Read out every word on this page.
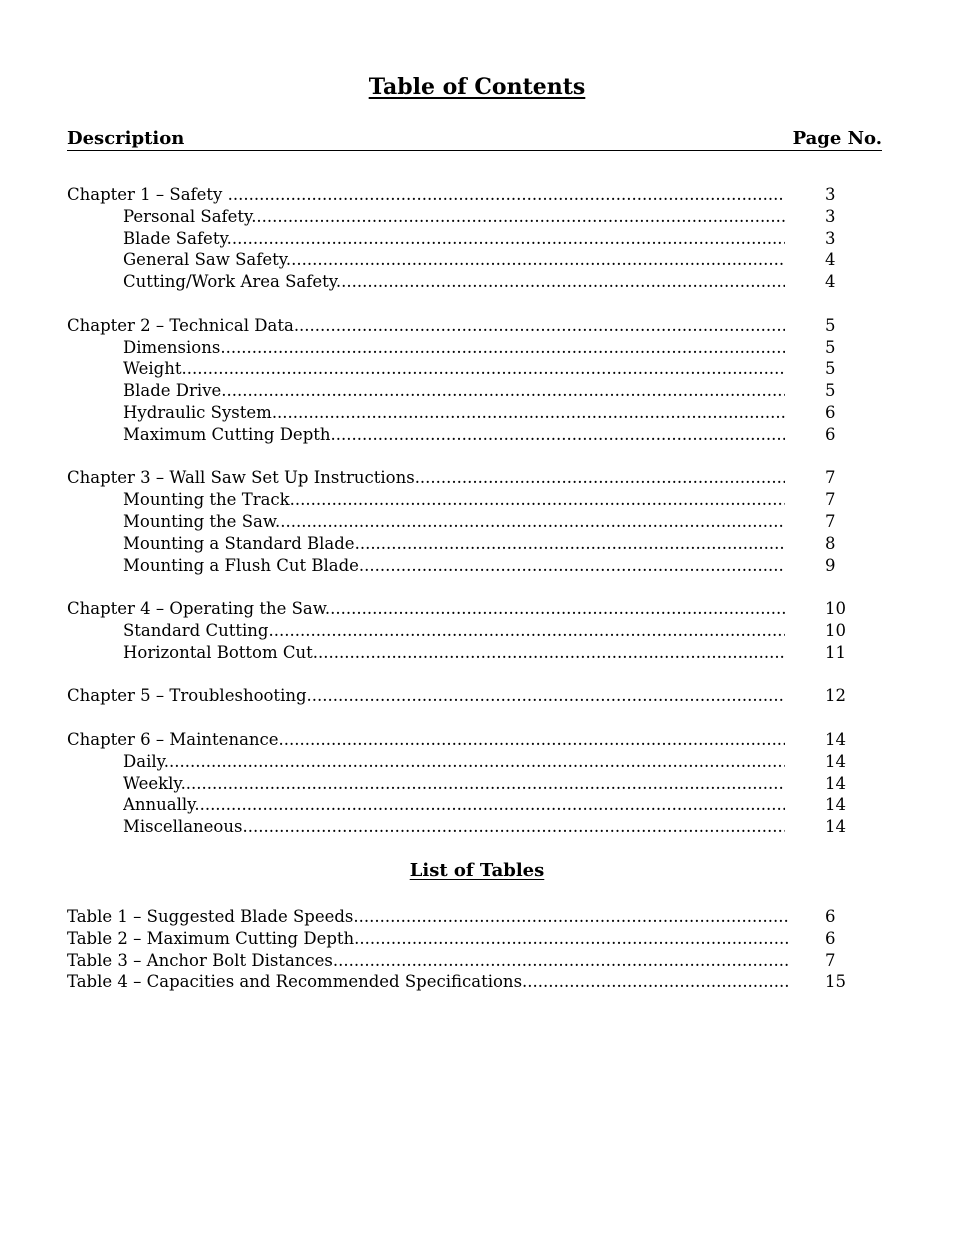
Table of Contents
Description	Page No.
Chapter 1 – Safety .....	3
Personal Safety .....	3
Blade Safety .....	3
General Saw Safety .....	4
Cutting/Work Area Safety .....	4
Chapter 2 – Technical Data .....	5
Dimensions .....	5
Weight .....	5
Blade Drive .....	5
Hydraulic System .....	6
Maximum Cutting Depth .....	6
Chapter 3 – Wall Saw Set Up Instructions .....	7
Mounting the Track .....	7
Mounting the Saw .....	7
Mounting a Standard Blade .....	8
Mounting a Flush Cut Blade .....	9
Chapter 4 – Operating the Saw .....	10
Standard Cutting .....	10
Horizontal Bottom Cut .....	11
Chapter 5 – Troubleshooting .....	12
Chapter 6 – Maintenance .....	14
Daily .....	14
Weekly .....	14
Annually .....	14
Miscellaneous .....	14
List of Tables
Table 1 – Suggested Blade Speeds .....	6
Table 2 – Maximum Cutting Depth .....	6
Table 3 – Anchor Bolt Distances .....	7
Table 4 – Capacities and Recommended Specifications .....	15
